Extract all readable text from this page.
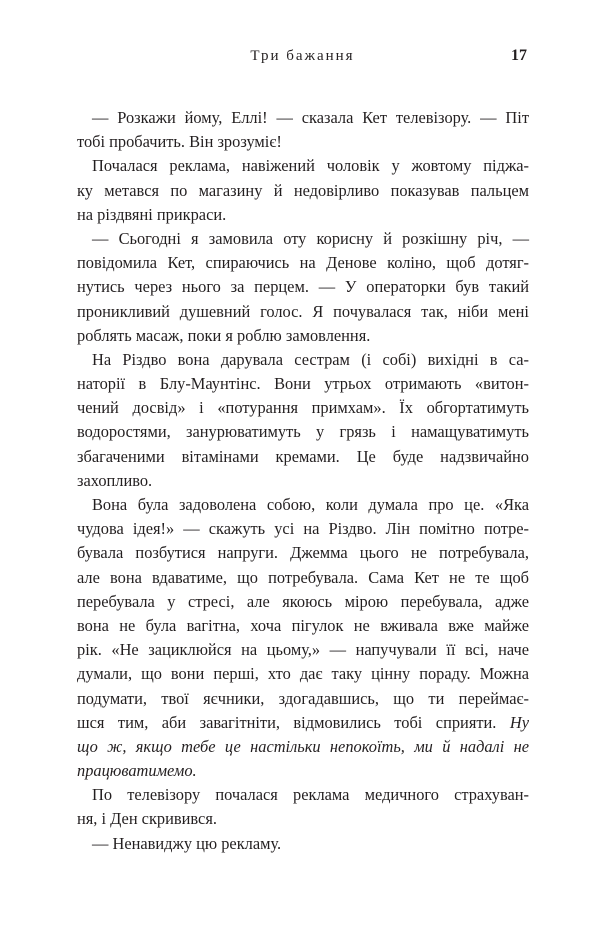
Три бажання	17
— Розкажи йому, Еллі! — сказала Кет телевізору. — Піт
тобі пробачить. Він зрозуміє!
Почалася реклама, навіжений чоловік у жовтому піджа-
ку метався по магазину й недовірливо показував пальцем
на різдвяні прикраси.
— Сьогодні я замовила оту корисну й розкішну річ, —
повідомила Кет, спираючись на Денове коліно, щоб дотяг-
нутись через нього за перцем. — У операторки був такий
проникливий душевний голос. Я почувалася так, ніби мені
роблять масаж, поки я роблю замовлення.
На Різдво вона дарувала сестрам (і собі) вихідні в са-
наторії в Блу-Маунтінс. Вони утрьох отримають «витон-
чений досвід» і «потурання примхам». Їх обгортатимуть
водоростями, занурюватимуть у грязь і намащуватимуть
збагаченими вітамінами кремами. Це буде надзвичайно
захопливо.
Вона була задоволена собою, коли думала про це. «Яка
чудова ідея!» — скажуть усі на Різдво. Лін помітно потре-
бувала позбутися напруги. Джемма цього не потребувала,
але вона вдаватиме, що потребувала. Сама Кет не те щоб
перебувала у стресі, але якоюсь мірою перебувала, адже
вона не була вагітна, хоча пігулок не вживала вже майже
рік. «Не зациклюйся на цьому,» — напучували її всі, наче
думали, що вони перші, хто дає таку цінну пораду. Можна
подумати, твої яєчники, здогадавшись, що ти переймає-
шся тим, аби завагітніти, відмовились тобі сприяти. Ну
що ж, якщо тебе це настільки непокоїть, ми й надалі не
працюватимемо.
По телевізору почалася реклама медичного страхуван-
ня, і Ден скривився.
— Ненавиджу цю рекламу.
